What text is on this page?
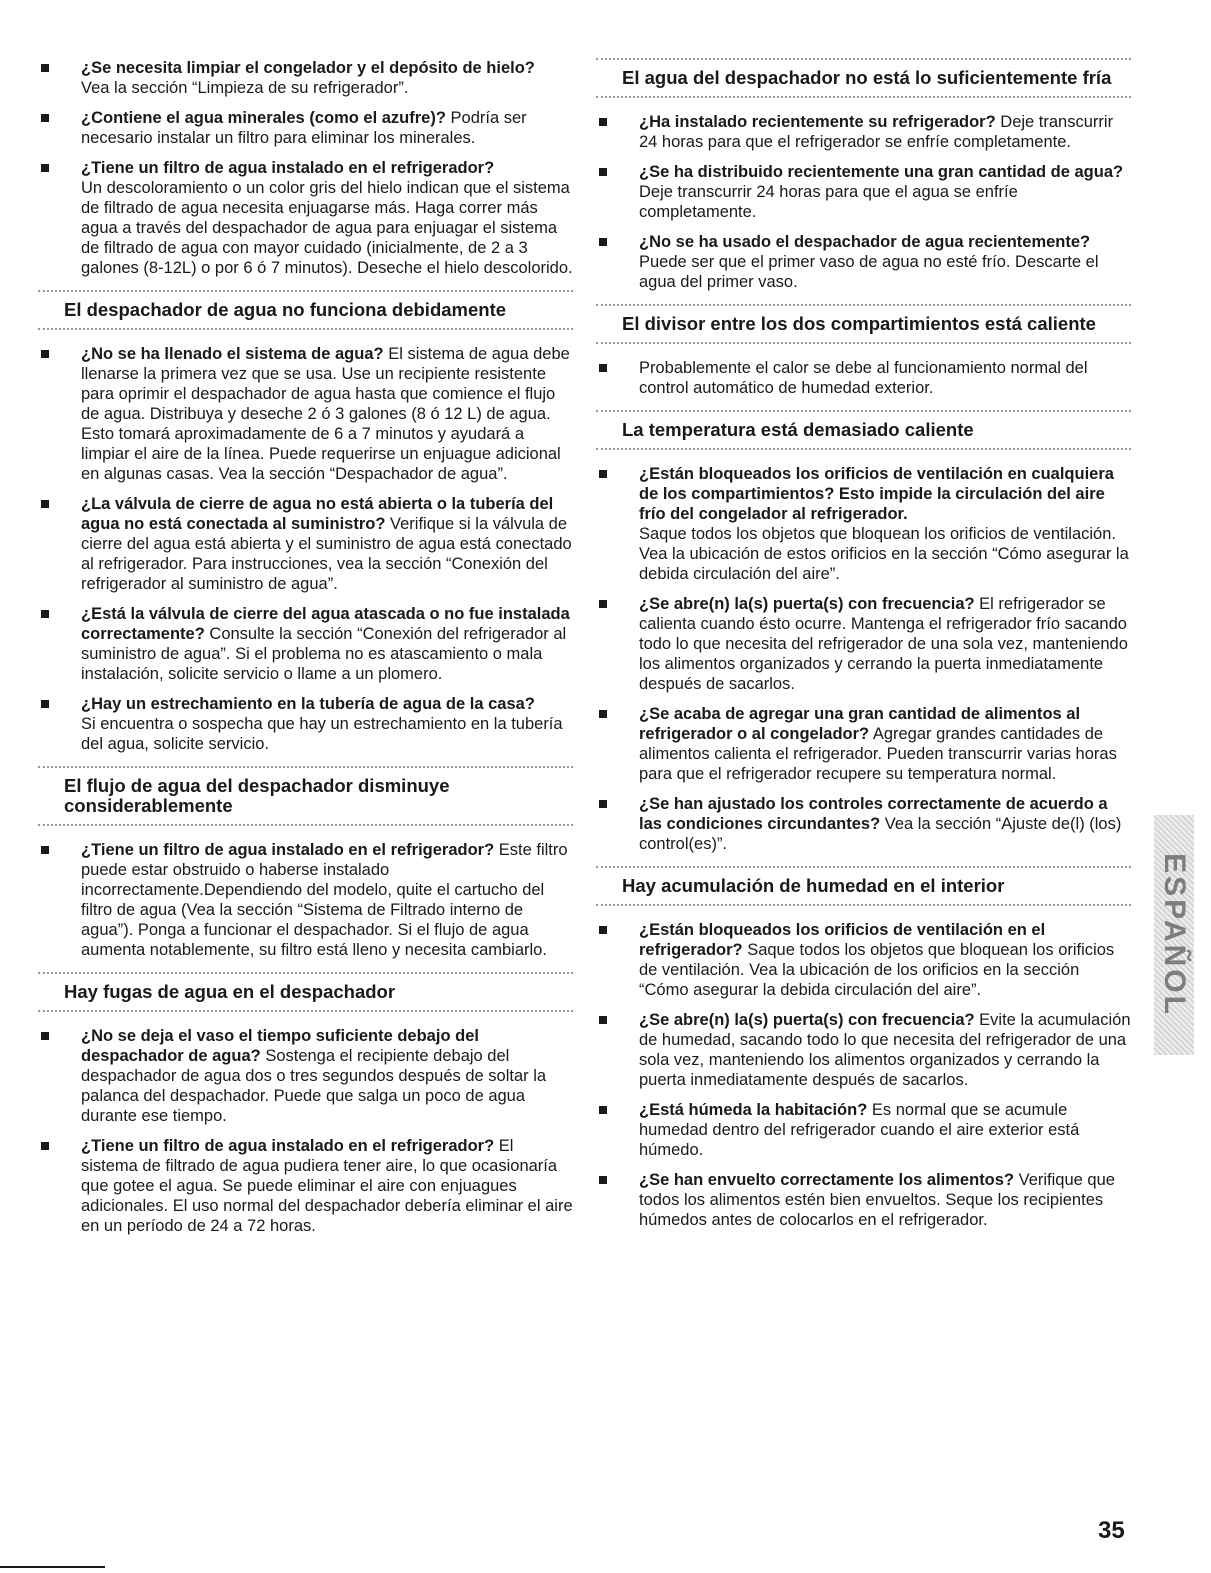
¿Se necesita limpiar el congelador y el depósito de hielo?
Vea la sección “Limpieza de su refrigerador”.
¿Contiene el agua minerales (como el azufre)? Podría ser necesario instalar un filtro para eliminar los minerales.
¿Tiene un filtro de agua instalado en el refrigerador?
Un descoloramiento o un color gris del hielo indican que el sistema de filtrado de agua necesita enjuagarse más. Haga correr más agua a través del despachador de agua para enjuagar el sistema de filtrado de agua con mayor cuidado (inicialmente, de 2 a 3 galones (8-12L) o por 6 ó 7 minutos). Deseche el hielo descolorido.
El despachador de agua no funciona debidamente
¿No se ha llenado el sistema de agua? El sistema de agua debe llenarse la primera vez que se usa. Use un recipiente resistente para oprimir el despachador de agua hasta que comience el flujo de agua. Distribuya y deseche 2 ó 3 galones (8 ó 12 L) de agua. Esto tomará aproximadamente de 6 a 7 minutos y ayudará a limpiar el aire de la línea. Puede requerirse un enjuague adicional en algunas casas. Vea la sección “Despachador de agua”.
¿La válvula de cierre de agua no está abierta o la tubería del agua no está conectada al suministro? Verifique si la válvula de cierre del agua está abierta y el suministro de agua está conectado al refrigerador. Para instrucciones, vea la sección “Conexión del refrigerador al suministro de agua”.
¿Está la válvula de cierre del agua atascada o no fue instalada correctamente? Consulte la sección “Conexión del refrigerador al suministro de agua”. Si el problema no es atascamiento o mala instalación, solicite servicio o llame a un plomero.
¿Hay un estrechamiento en la tubería de agua de la casa?
Si encuentra o sospecha que hay un estrechamiento en la tubería del agua, solicite servicio.
El flujo de agua del despachador disminuye considerablemente
¿Tiene un filtro de agua instalado en el refrigerador? Este filtro puede estar obstruido o haberse instalado incorrectamente.Dependiendo del modelo, quite el cartucho del filtro de agua (Vea la sección “Sistema de Filtrado interno de agua”). Ponga a funcionar el despachador. Si el flujo de agua aumenta notablemente, su filtro está lleno y necesita cambiarlo.
Hay fugas de agua en el despachador
¿No se deja el vaso el tiempo suficiente debajo del despachador de agua? Sostenga el recipiente debajo del despachador de agua dos o tres segundos después de soltar la palanca del despachador. Puede que salga un poco de agua durante ese tiempo.
¿Tiene un filtro de agua instalado en el refrigerador? El sistema de filtrado de agua pudiera tener aire, lo que ocasionaría que gotee el agua. Se puede eliminar el aire con enjuagues adicionales. El uso normal del despachador debería eliminar el aire en un período de 24 a 72 horas.
El agua del despachador no está lo suficientemente fría
¿Ha instalado recientemente su refrigerador? Deje transcurrir 24 horas para que el refrigerador se enfríe completamente.
¿Se ha distribuido recientemente una gran cantidad de agua? Deje transcurrir 24 horas para que el agua se enfríe completamente.
¿No se ha usado el despachador de agua recientemente?
Puede ser que el primer vaso de agua no esté frío. Descarte el agua del primer vaso.
El divisor entre los dos compartimientos está caliente
Probablemente el calor se debe al funcionamiento normal del control automático de humedad exterior.
La temperatura está demasiado caliente
¿Están bloqueados los orificios de ventilación en cualquiera de los compartimientos? Esto impide la circulación del aire frío del congelador al refrigerador.
Saque todos los objetos que bloquean los orificios de ventilación. Vea la ubicación de estos orificios en la sección “Cómo asegurar la debida circulación del aire”.
¿Se abre(n) la(s) puerta(s) con frecuencia? El refrigerador se calienta cuando ésto ocurre. Mantenga el refrigerador frío sacando todo lo que necesita del refrigerador de una sola vez, manteniendo los alimentos organizados y cerrando la puerta inmediatamente después de sacarlos.
¿Se acaba de agregar una gran cantidad de alimentos al refrigerador o al congelador? Agregar grandes cantidades de alimentos calienta el refrigerador. Pueden transcurrir varias horas para que el refrigerador recupere su temperatura normal.
¿Se han ajustado los controles correctamente de acuerdo a las condiciones circundantes? Vea la sección “Ajuste de(l) (los) control(es)”.
Hay acumulación de humedad en el interior
¿Están bloqueados los orificios de ventilación en el refrigerador? Saque todos los objetos que bloquean los orificios de ventilación. Vea la ubicación de los orificios en la sección “Cómo asegurar la debida circulación del aire”.
¿Se abre(n) la(s) puerta(s) con frecuencia? Evite la acumulación de humedad, sacando todo lo que necesita del refrigerador de una sola vez, manteniendo los alimentos organizados y cerrando la puerta inmediatamente después de sacarlos.
¿Está húmeda la habitación? Es normal que se acumule humedad dentro del refrigerador cuando el aire exterior está húmedo.
¿Se han envuelto correctamente los alimentos? Verifique que todos los alimentos estén bien envueltos. Seque los recipientes húmedos antes de colocarlos en el refrigerador.
ESPAÑOL
35
